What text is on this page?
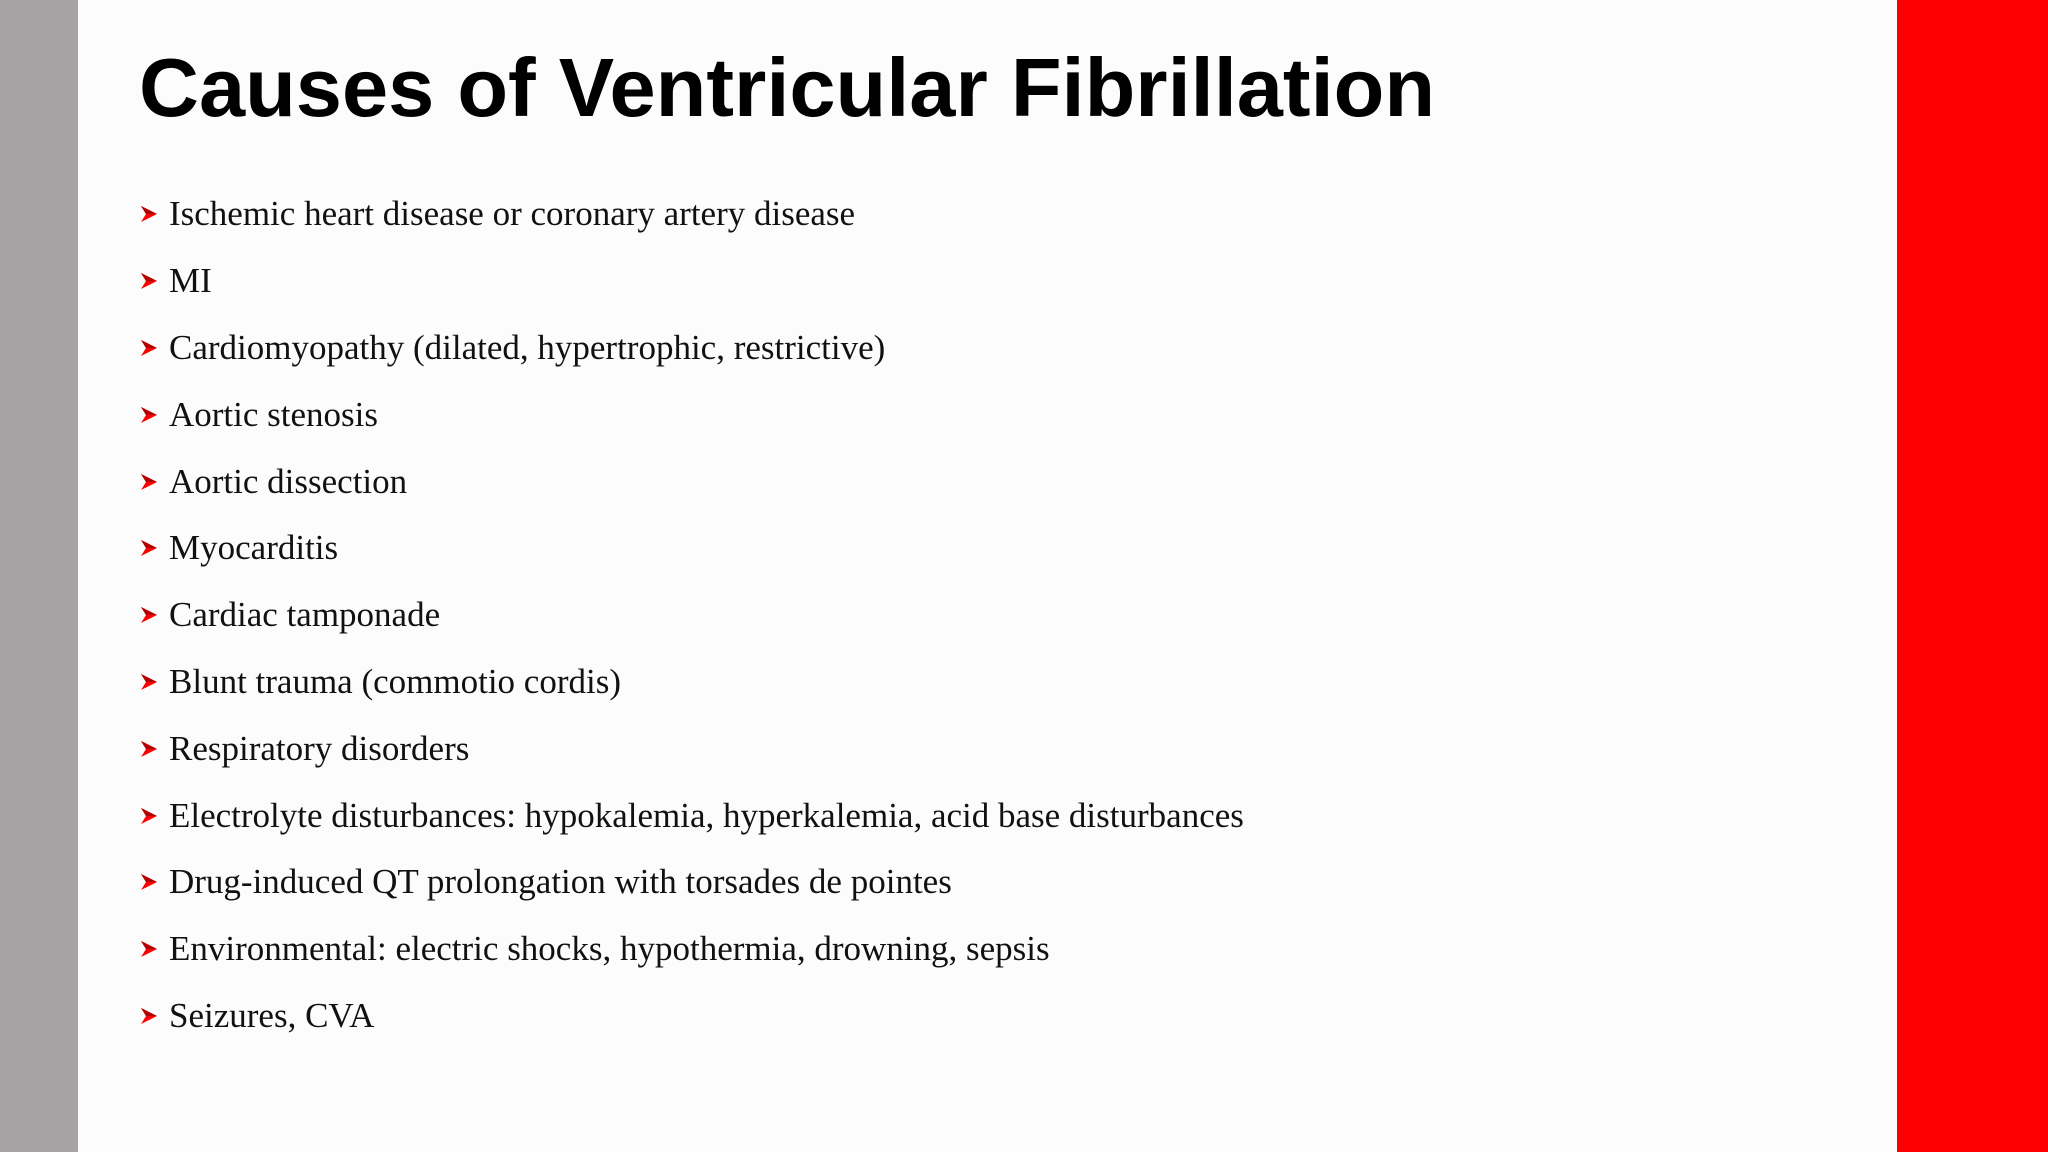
Causes of Ventricular Fibrillation
Ischemic heart disease or coronary artery disease
MI
Cardiomyopathy (dilated, hypertrophic, restrictive)
Aortic stenosis
Aortic dissection
Myocarditis
Cardiac tamponade
Blunt trauma (commotio cordis)
Respiratory disorders
Electrolyte disturbances: hypokalemia, hyperkalemia, acid base disturbances
Drug-induced QT prolongation with torsades de pointes
Environmental: electric shocks, hypothermia, drowning, sepsis
Seizures, CVA
